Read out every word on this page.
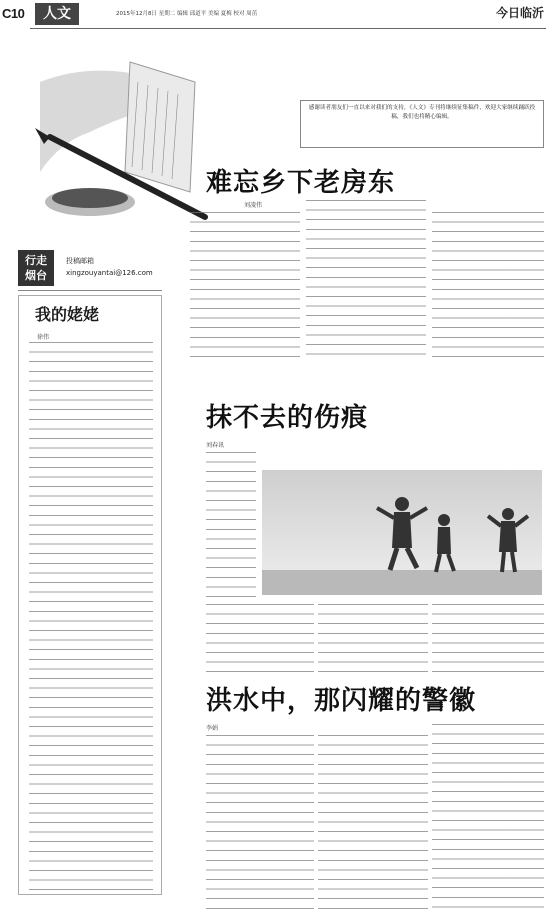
C10	人文	2015年12月8日 星期二 编辑 邱道平 美编 夏梅 校对 周茁	今日临沂
感谢读者朋友们一直以来对我们的支持，《人文》专刊将继续征集稿件，欢迎大家继续踊跃投稿，我们也将精心编辑。
难忘乡下老房东
刘凌伟
行走
烟台
投稿邮箱
xingzouyantai@126.com
我的姥姥
徐伟
抹不去的伤痕
刘春讯
洪水中，那闪耀的警徽
李娟
